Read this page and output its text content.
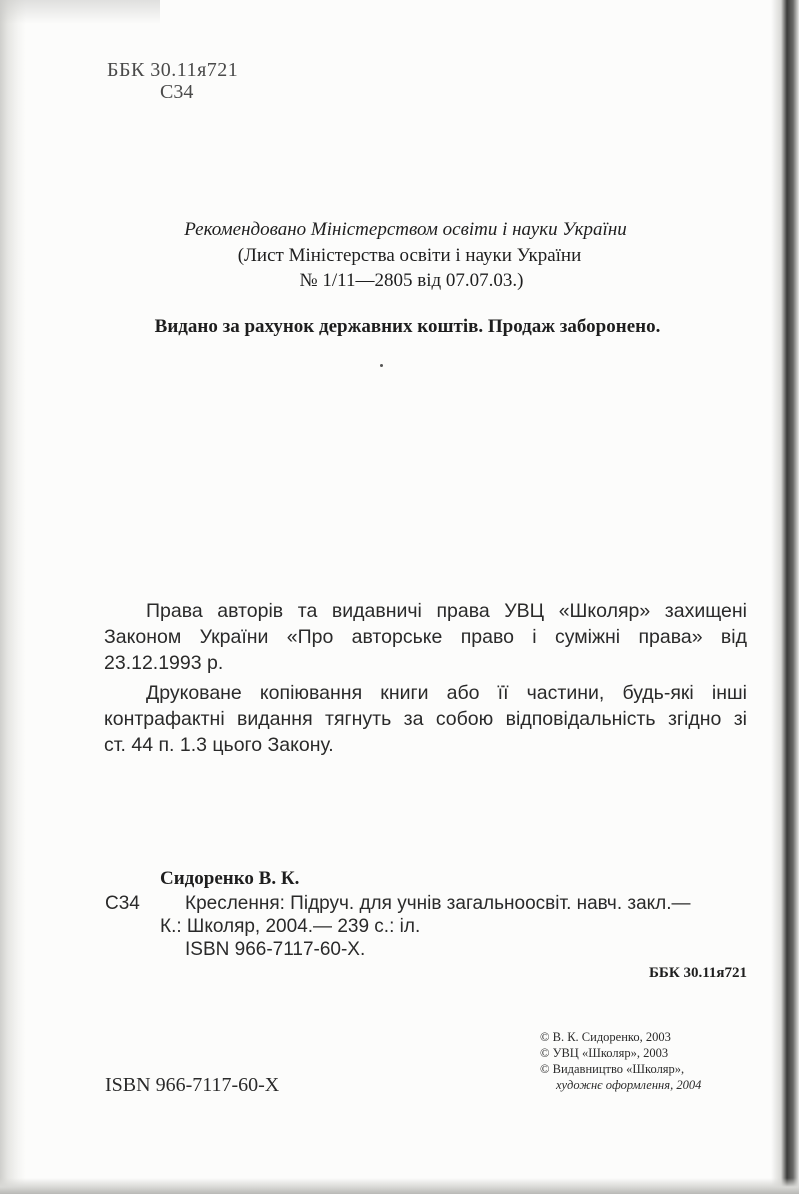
ББК 30.11я721
С34
Рекомендовано Міністерством освіти і науки України
(Лист Міністерства освіти і науки України
№ 1/11—2805 від 07.07.03.)
Видано за рахунок державних коштів. Продаж заборонено.
Права авторів та видавничі права УВЦ «Школяр» захищені
Законом України «Про авторське право і суміжні права» від
23.12.1993 р.
Друковане копіювання книги або її частини, будь-які інші
контрафактні видання тягнуть за собою відповідальність згідно зі
ст. 44 п. 1.3 цього Закону.
Сидоренко В. К.
С34 Креслення: Підруч. для учнів загальноосвіт. навч. закл.—
К.: Школяр, 2004.— 239 с.: іл.
ISBN 966-7117-60-X.
ББК 30.11я721
© В. К. Сидоренко, 2003
© УВЦ «Школяр», 2003
© Видавництво «Школяр»,
художнє оформлення, 2004
ISBN 966-7117-60-X
